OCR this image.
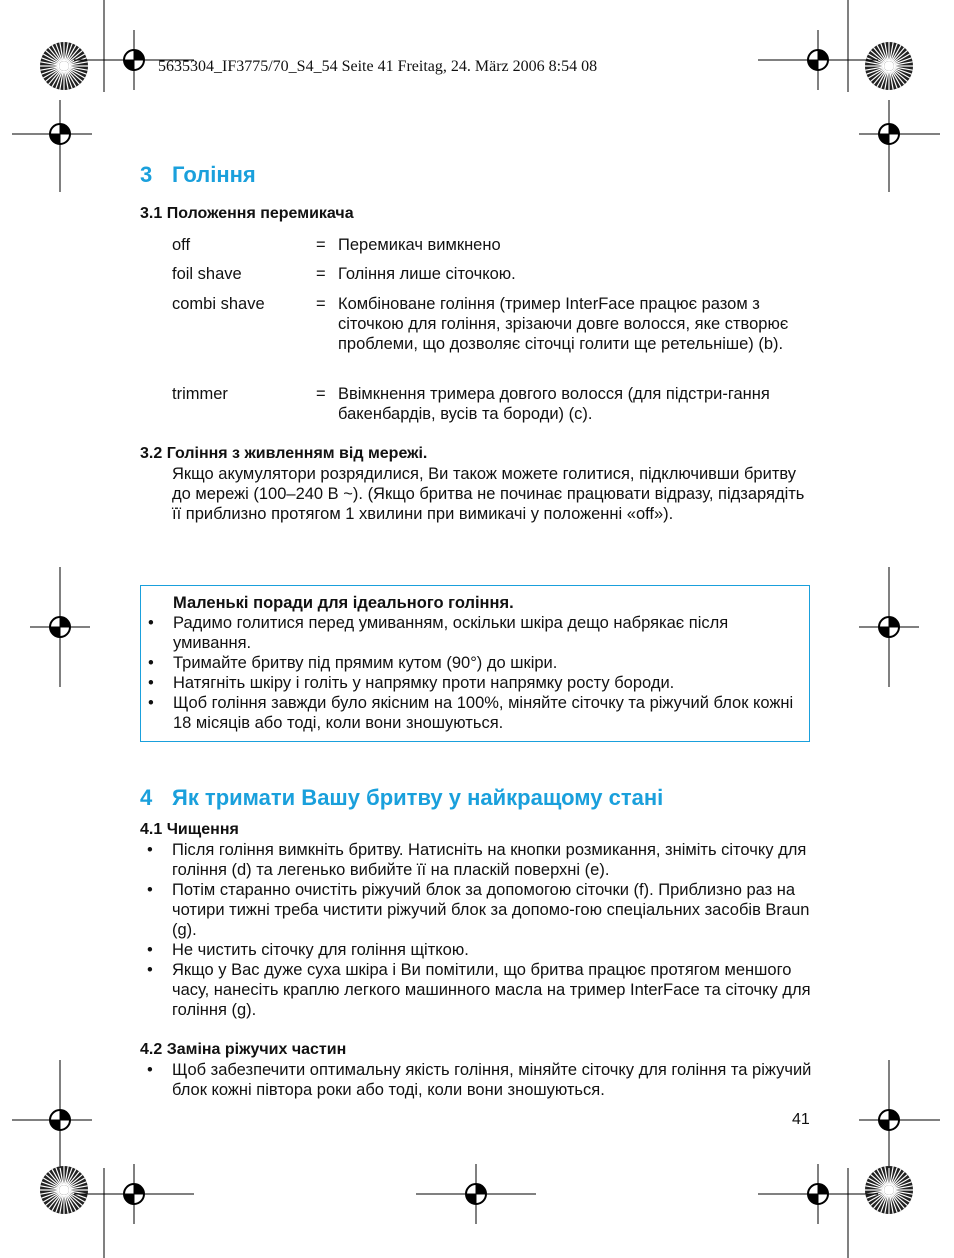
5635304_IF3775/70_S4_54 Seite 41 Freitag, 24. März 2006 8:54 08
3 Гоління
3.1 Положення перемикача
off	= Перемикач вимкнено
foil shave	= Гоління лише сіточкою.
combi shave	= Комбіноване гоління (тример InterFace працює разом з сіточкою для гоління, зрізаючи довге волосся, яке створює проблеми, що дозволяє сіточці голити ще ретельніше) (b).
trimmer	= Ввімкнення тримера довгого волосся (для підстри-гання бакенбардів, вусів та бороди) (c).
3.2 Гоління з живленням від мережі.
Якщо акумулятори розрядилися, Ви також можете голитися, підключивши бритву до мережі (100–240 В ~). (Якщо бритва не починає працювати відразу, підзарядіть її приблизно протягом 1 хвилини при вимикачі у положенні «off»).
Маленькі поради для ідеального гоління.
• Радимо голитися перед умиванням, оскільки шкіра дещо набрякає після умивання.
• Тримайте бритву під прямим кутом (90°) до шкіри.
• Натягніть шкіру і голіть у напрямку проти напрямку росту бороди.
• Щоб гоління завжди було якісним на 100%, міняйте сіточку та ріжучий блок кожні 18 місяців або тоді, коли вони зношуються.
4 Як тримати Вашу бритву у найкращому стані
4.1 Чищення
• Після гоління вимкніть бритву. Натисніть на кнопки розмикання, зніміть сіточку для гоління (d) та легенько вибийте її на пласкій поверхні (e).
• Потім старанно очистіть ріжучий блок за допомогою сіточки (f). Приблизно раз на чотири тижні треба чистити ріжучий блок за допомо-гою спеціальних засобів Braun (g).
• Не чистить сіточку для гоління щіткою.
• Якщо у Вас дуже суха шкіра і Ви помітили, що бритва працює протягом меншого часу, нанесіть краплю легкого машинного масла на тример InterFace та сіточку для гоління (g).
4.2 Заміна ріжучих частин
• Щоб забезпечити оптимальну якість гоління, міняйте сіточку для гоління та ріжучий блок кожні півтора роки або тоді, коли вони зношуються.
41
